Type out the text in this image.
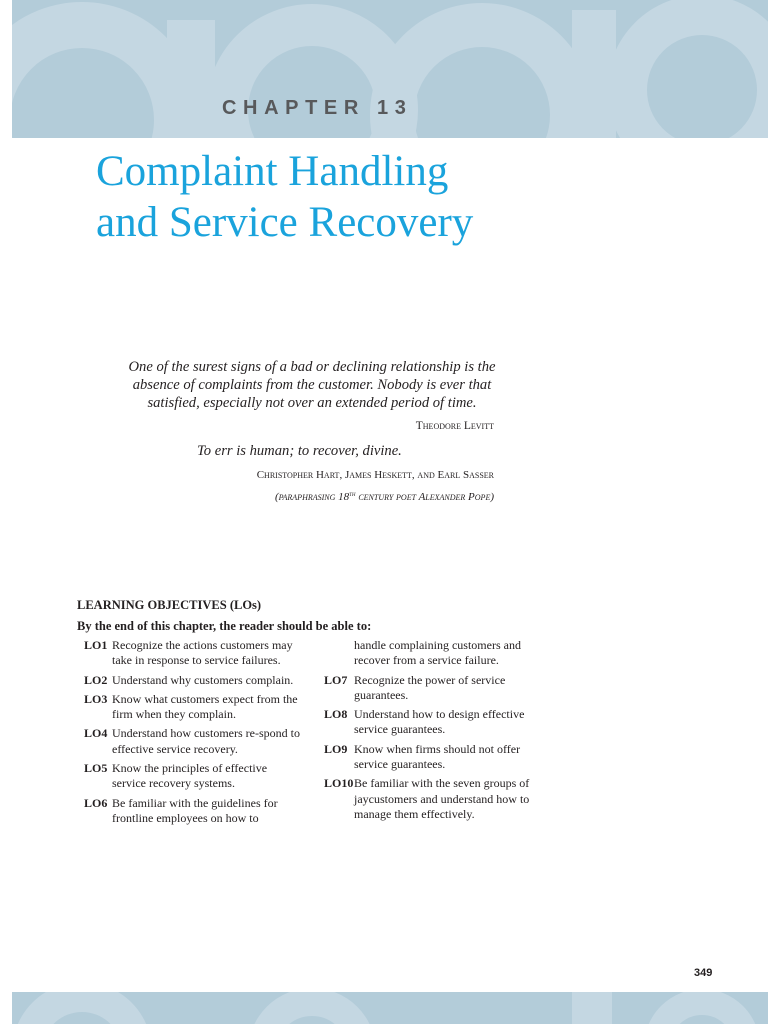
CHAPTER 13
Complaint Handling
and Service Recovery

One of the surest signs of a bad or declining relationship is the
absence of complaints from the customer. Nobody is ever that
satisfied, especially not over an extended period of time.

Theodore Levitt

To err is human; to recover, divine.

Christopher Hart, James Heskett, and Earl Sasser

(paraphrasing 18th century poet Alexander Pope)

LEARNING OBJECTIVES (LOs)

By the end of this chapter, the reader should be able to:

LO1 Recognize the actions customers may take in response to service failures.
LO2 Understand why customers complain.
LO3 Know what customers expect from the firm when they complain.
LO4 Understand how customers re-spond to effective service recovery.
LO5 Know the principles of effective service recovery systems.
LO6 Be familiar with the guidelines for frontline employees on how to
handle complaining customers and recover from a service failure.
LO7 Recognize the power of service guarantees.
LO8 Understand how to design effective service guarantees.
LO9 Know when firms should not offer service guarantees.
LO10 Be familiar with the seven groups of jaycustomers and understand how to manage them effectively.
349
